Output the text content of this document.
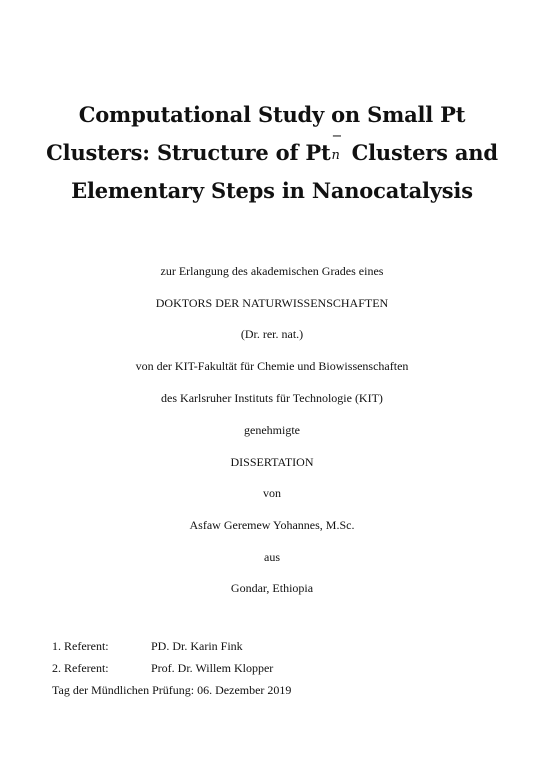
Computational Study on Small Pt
Clusters: Structure of Pt
−
n Clusters and
Elementary Steps in Nanocatalysis
zur Erlangung des akademischen Grades eines
DOKTORS DER NATURWISSENSCHAFTEN
(Dr. rer. nat.)
von der KIT-Fakultät für Chemie und Biowissenschaften
des Karlsruher Instituts für Technologie (KIT)
genehmigte
DISSERTATION
von
Asfaw Geremew Yohannes, M.Sc.
aus
Gondar, Ethiopia
1. Referent:	PD. Dr. Karin Fink
2. Referent:	Prof. Dr. Willem Klopper
Tag der Mündlichen Prüfung: 06. Dezember 2019
